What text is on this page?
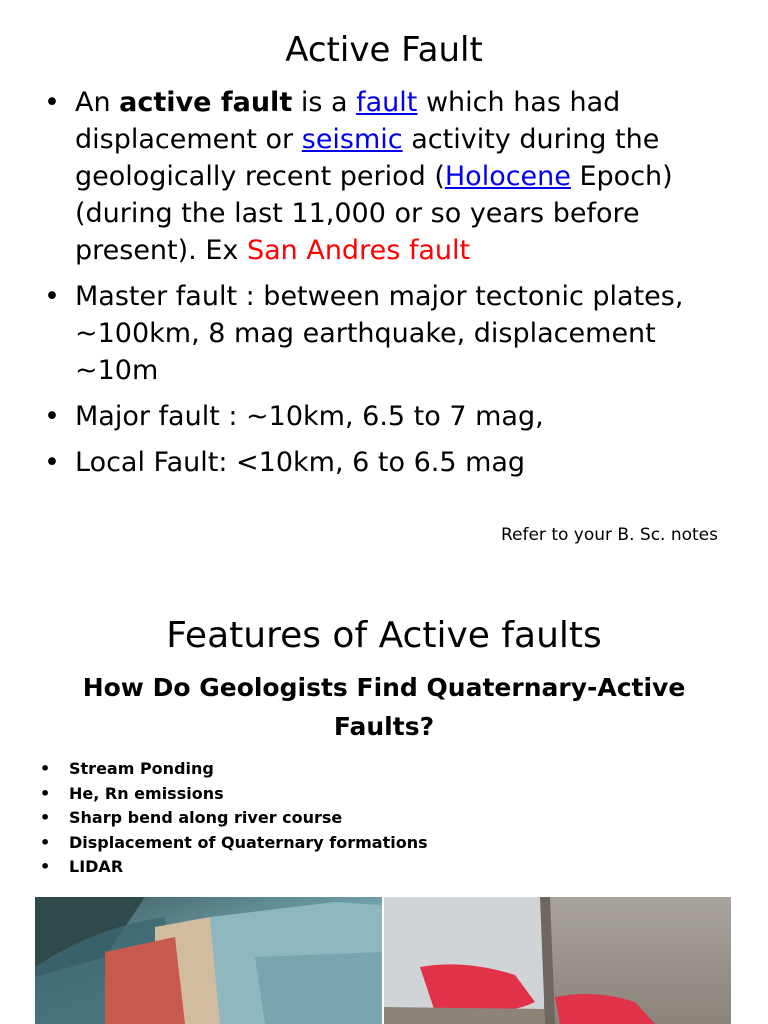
Active Fault
• An active fault is a fault which has had displacement or seismic activity during the geologically recent period (Holocene Epoch) (during the last 11,000 or so years before present). Ex San Andres fault
• Master fault : between major tectonic plates, ~100km, 8 mag earthquake, displacement ~10m
• Major fault : ~10km, 6.5 to 7 mag,
• Local Fault: <10km, 6 to 6.5 mag
Refer to your B. Sc. notes
Features of Active faults
How Do Geologists Find Quaternary-Active Faults?
• Stream Ponding
• He, Rn emissions
• Sharp bend along river course
• Displacement of Quaternary formations
• LIDAR
